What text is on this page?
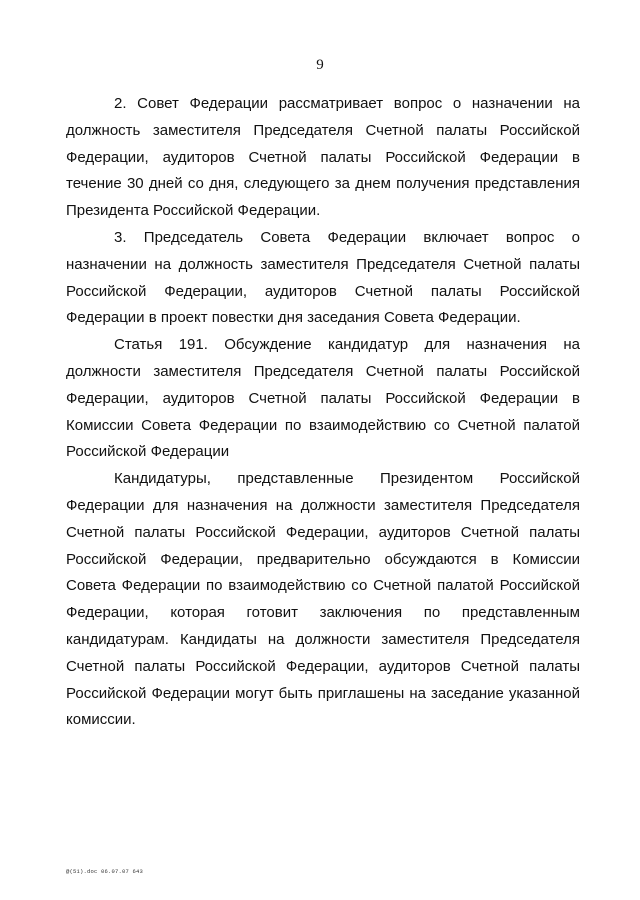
9

2. Совет Федерации рассматривает вопрос о назначении на должность заместителя Председателя Счетной палаты Российской Федерации, аудиторов Счетной палаты Российской Федерации в течение 30 дней со дня, следующего за днем получения представления Президента Российской Федерации.

3. Председатель Совета Федерации включает вопрос о назначении на должность заместителя Председателя Счетной палаты Российской Федерации, аудиторов Счетной палаты Российской Федерации в проект повестки дня заседания Совета Федерации.

Статья 191. Обсуждение кандидатур для назначения на должности заместителя Председателя Счетной палаты Российской Федерации, аудиторов Счетной палаты Российской Федерации в Комиссии Совета Федерации по взаимодействию со Счетной палатой Российской Федерации

Кандидатуры, представленные Президентом Российской Федерации для назначения на должности заместителя Председателя Счетной палаты Российской Федерации, аудиторов Счетной палаты Российской Федерации, предварительно обсуждаются в Комиссии Совета Федерации по взаимодействию со Счетной палатой Российской Федерации, которая готовит заключения по представленным кандидатурам. Кандидаты на должности заместителя Председателя Счетной палаты Российской Федерации, аудиторов Счетной палаты Российской Федерации могут быть приглашены на заседание указанной комиссии.

@(51).doc 06.07.07 643
